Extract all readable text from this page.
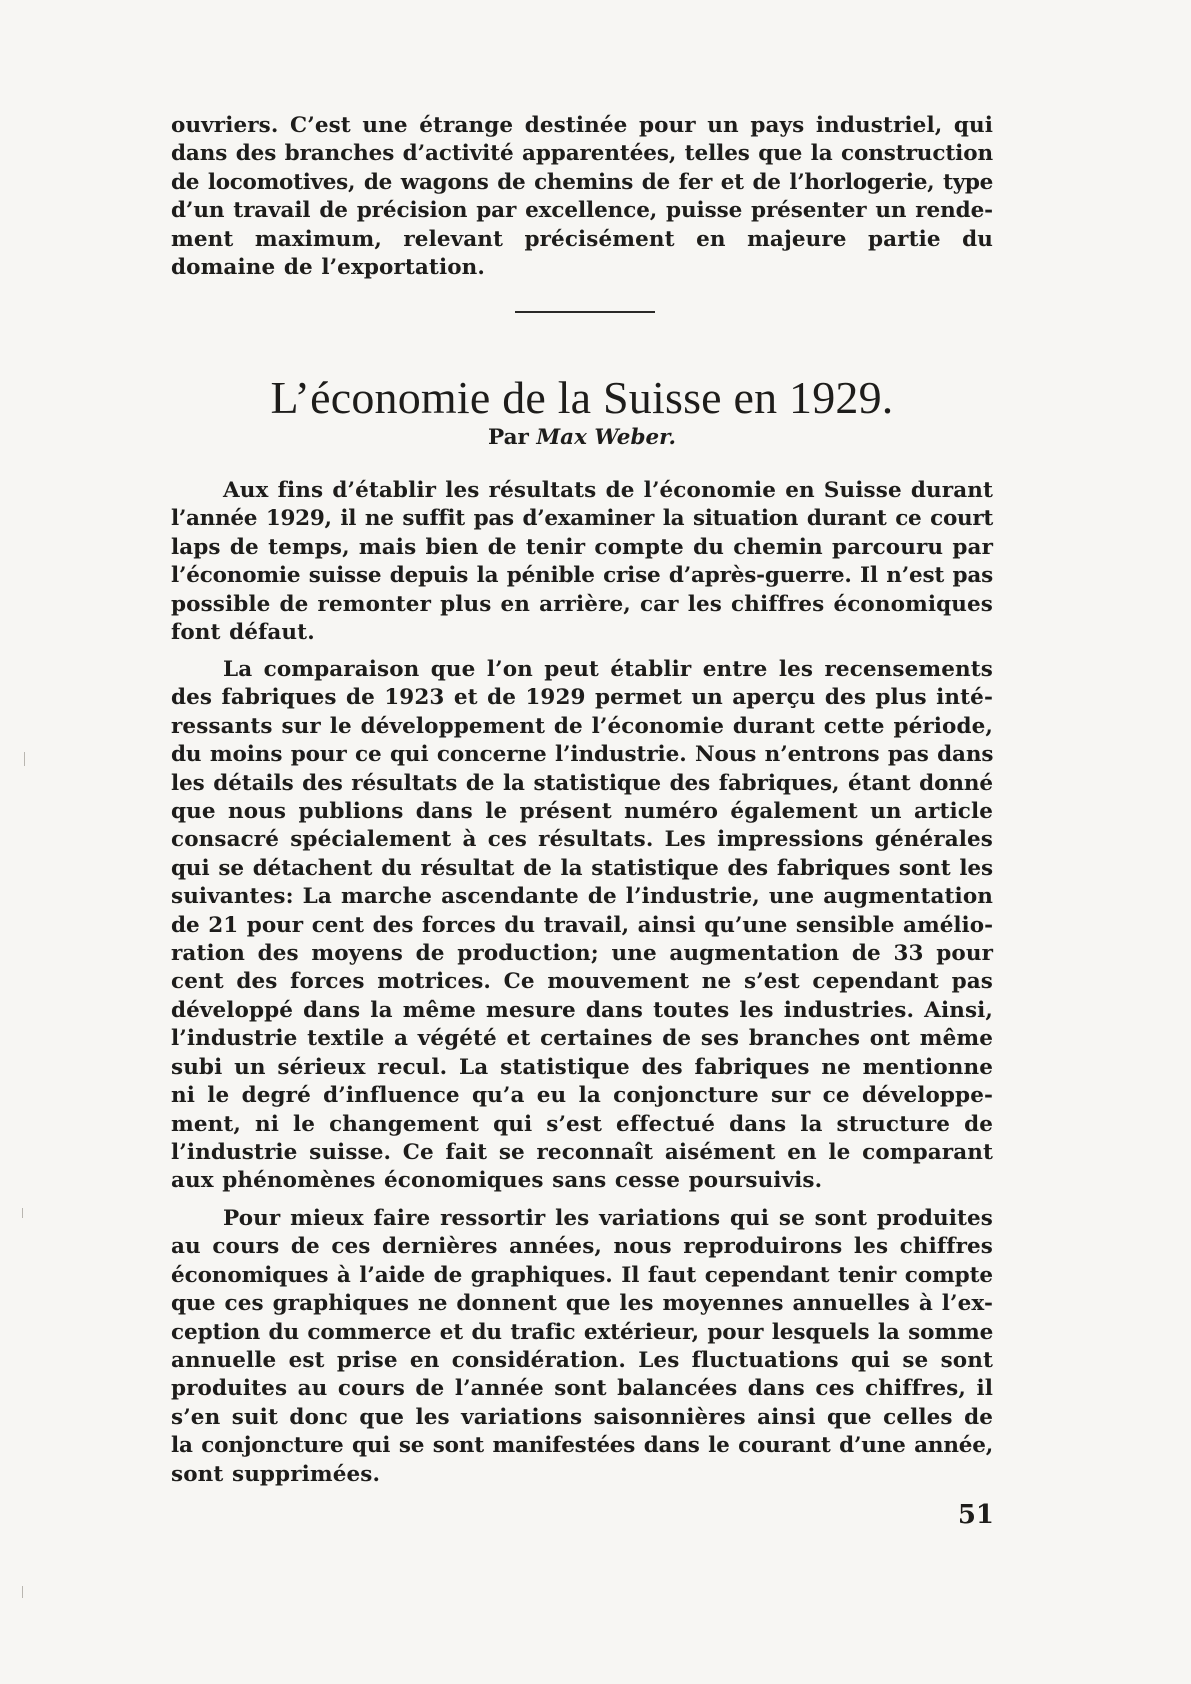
ouvriers. C’est une étrange destinée pour un pays industriel, qui
dans des branches d’activité apparentées, telles que la construction
de locomotives, de wagons de chemins de fer et de l’horlogerie, type
d’un travail de précision par excellence, puisse présenter un rende-
ment maximum, relevant précisément en majeure partie du
domaine de l’exportation.

L’économie de la Suisse en 1929.

Par Max Weber.

Aux fins d’établir les résultats de l’économie en Suisse durant
l’année 1929, il ne suffit pas d’examiner la situation durant ce court
laps de temps, mais bien de tenir compte du chemin parcouru par
l’économie suisse depuis la pénible crise d’après-guerre. Il n’est pas
possible de remonter plus en arrière, car les chiffres économiques
font défaut.

La comparaison que l’on peut établir entre les recensements
des fabriques de 1923 et de 1929 permet un aperçu des plus inté-
ressants sur le développement de l’économie durant cette période,
du moins pour ce qui concerne l’industrie. Nous n’entrons pas dans
les détails des résultats de la statistique des fabriques, étant donné
que nous publions dans le présent numéro également un article
consacré spécialement à ces résultats. Les impressions générales
qui se détachent du résultat de la statistique des fabriques sont les
suivantes: La marche ascendante de l’industrie, une augmentation
de 21 pour cent des forces du travail, ainsi qu’une sensible amélio-
ration des moyens de production; une augmentation de 33 pour
cent des forces motrices. Ce mouvement ne s’est cependant pas
développé dans la même mesure dans toutes les industries. Ainsi,
l’industrie textile a végété et certaines de ses branches ont même
subi un sérieux recul. La statistique des fabriques ne mentionne
ni le degré d’influence qu’a eu la conjoncture sur ce développe-
ment, ni le changement qui s’est effectué dans la structure de
l’industrie suisse. Ce fait se reconnaît aisément en le comparant
aux phénomènes économiques sans cesse poursuivis.

Pour mieux faire ressortir les variations qui se sont produites
au cours de ces dernières années, nous reproduirons les chiffres
économiques à l’aide de graphiques. Il faut cependant tenir compte
que ces graphiques ne donnent que les moyennes annuelles à l’ex-
ception du commerce et du trafic extérieur, pour lesquels la somme
annuelle est prise en considération. Les fluctuations qui se sont
produites au cours de l’année sont balancées dans ces chiffres, il
s’en suit donc que les variations saisonnières ainsi que celles de
la conjoncture qui se sont manifestées dans le courant d’une année,
sont supprimées.

51
